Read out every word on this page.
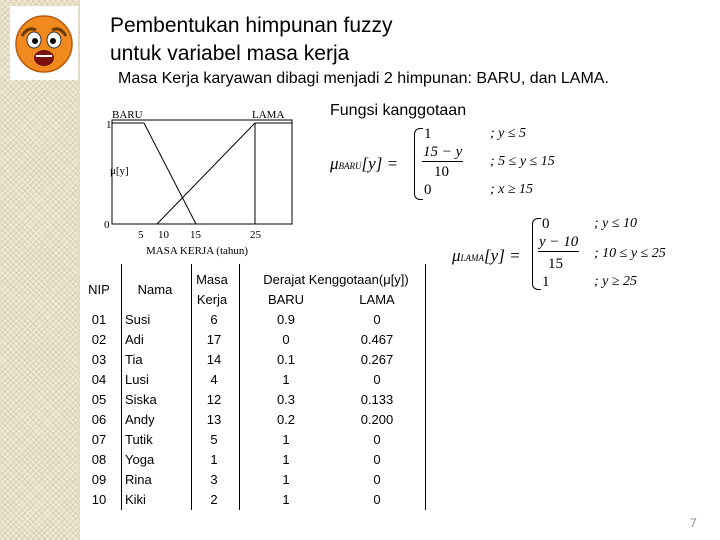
Pembentukan himpunan fuzzy
untuk variabel masa kerja
Masa Kerja karyawan dibagi menjadi 2 himpunan: BARU, dan LAMA.
Fungsi kanggotaan
BARU	LAMA
1
μ[y]
0
5 10 15	25
MASA KERJA (tahun)
μBARU[y] =
1	; y ≤ 5
15 − y
10
; 5 ≤ y ≤ 15
0	; x ≥ 15
μLAMA[y] =
0	; y ≤ 10
y − 10
15
; 10 ≤ y ≤ 25
1	; y ≥ 25
NIP	Nama
Masa
Kerja
Derajat Kenggotaan(μ[y])
BARU	LAMA
01	Susi	6	0.9	0
02	Adi	17	0	0.467
03	Tia	14	0.1	0.267
04	Lusi	4	1	0
05	Siska	12	0.3	0.133
06	Andy	13	0.2	0.200
07	Tutik	5	1	0
08	Yoga	1	1	0
09	Rina	3	1	0
10	Kiki	2	1	0
7
